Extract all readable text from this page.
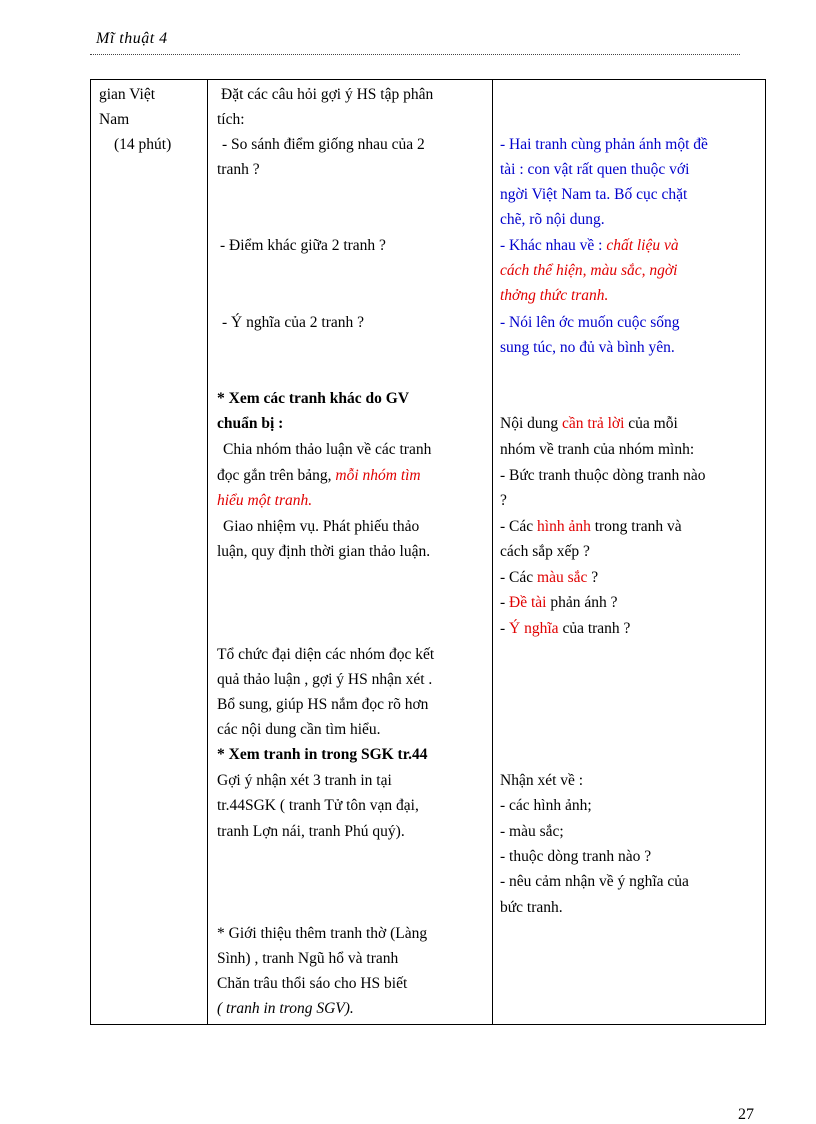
Mĩ thuật 4
gian Việt
Nam
(14 phút)

Đặt các câu hỏi gợi ý HS tập phân
tích:
- So sánh điểm giống nhau của 2
tranh ?
- Điểm khác giữa 2 tranh ?
- Ý nghĩa của 2 tranh ?
* Xem các tranh khác do GV
chuẩn bị :
Chia nhóm thảo luận về các tranh
đọc gắn trên bảng, mỗi nhóm tìm
hiểu một tranh.
Giao nhiệm vụ. Phát phiếu thảo
luận, quy định thời gian thảo luận.
Tổ chức đại diện các nhóm đọc kết
quả thảo luận , gợi ý HS nhận xét .
Bổ sung, giúp HS nắm đọc rõ hơn
các nội dung cần tìm hiểu.
* Xem tranh in trong SGK tr.44
Gợi ý nhận xét 3 tranh in tại
tr.44SGK ( tranh Tử tôn vạn đại,
tranh Lợn nái, tranh Phú quý).
* Giới thiệu thêm tranh thờ (Làng
Sình) , tranh Ngũ hổ và tranh
Chăn trâu thổi sáo cho HS biết
( tranh in trong SGV).

- Hai tranh cùng phản ánh một đề
tài : con vật rất quen thuộc với
ngời Việt Nam ta. Bố cục chặt
chẽ, rõ nội dung.
- Khác nhau về : chất liệu và
cách thể hiện, màu sắc, ngời
thởng thức tranh.
- Nói lên ớc muốn cuộc sống
sung túc, no đủ và bình yên.
Nội dung cần trả lời của mỗi
nhóm về tranh của nhóm mình:
- Bức tranh thuộc dòng tranh nào
?
- Các hình ảnh trong tranh và
cách sắp xếp ?
- Các màu sắc ?
- Đề tài phản ánh ?
- Ý nghĩa của tranh ?
Nhận xét về :
- các hình ảnh;
- màu sắc;
- thuộc dòng tranh nào ?
- nêu cảm nhận về ý nghĩa của
bức tranh.
27
